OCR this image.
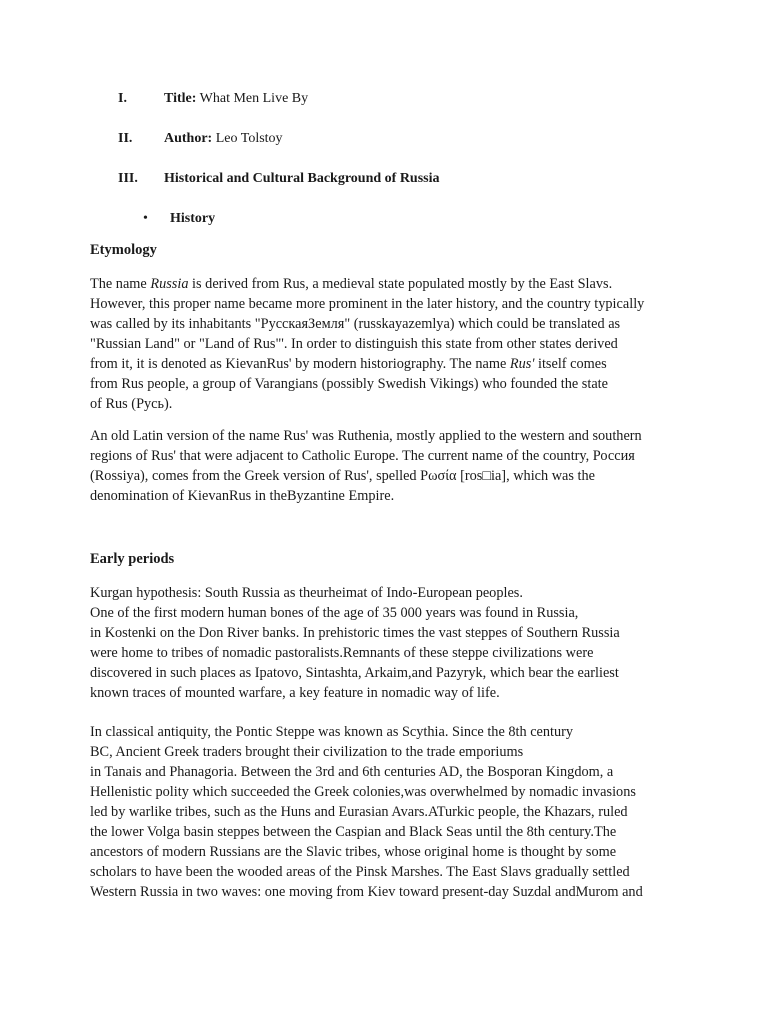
I.	Title: What Men Live By
II. Author: Leo Tolstoy
III. Historical and Cultural Background of Russia
• History
Etymology
The name Russia is derived from Rus, a medieval state populated mostly by the East Slavs.
However, this proper name became more prominent in the later history, and the country typically
was called by its inhabitants "РусскаяЗемля" (russkayazemlya) which could be translated as
"Russian Land" or "Land of Rus"'. In order to distinguish this state from other states derived
from it, it is denoted as KievanRus' by modern historiography. The name Rus' itself comes
from Rus people, a group of Varangians (possibly Swedish Vikings) who founded the state
of Rus (Русь).
An old Latin version of the name Rus' was Ruthenia, mostly applied to the western and southern
regions of Rus' that were adjacent to Catholic Europe. The current name of the country, Россия
(Rossiya), comes from the Greek version of Rus', spelled Ρωσία [ros□ia], which was the
denomination of KievanRus in theByzantine Empire.
Early periods
Kurgan hypothesis: South Russia as theurheimat of Indo-European peoples.
One of the first modern human bones of the age of 35 000 years was found in Russia,
in Kostenki on the Don River banks. In prehistoric times the vast steppes of Southern Russia
were home to tribes of nomadic pastoralists.Remnants of these steppe civilizations were
discovered in such places as Ipatovo, Sintashta, Arkaim,and Pazyryk, which bear the earliest
known traces of mounted warfare, a key feature in nomadic way of life.
In classical antiquity, the Pontic Steppe was known as Scythia. Since the 8th century
BC, Ancient Greek traders brought their civilization to the trade emporiums
in Tanais and Phanagoria. Between the 3rd and 6th centuries AD, the Bosporan Kingdom, a
Hellenistic polity which succeeded the Greek colonies,was overwhelmed by nomadic invasions
led by warlike tribes, such as the Huns and Eurasian Avars.ATurkic people, the Khazars, ruled
the lower Volga basin steppes between the Caspian and Black Seas until the 8th century.The
ancestors of modern Russians are the Slavic tribes, whose original home is thought by some
scholars to have been the wooded areas of the Pinsk Marshes. The East Slavs gradually settled
Western Russia in two waves: one moving from Kiev toward present-day Suzdal andMurom and
